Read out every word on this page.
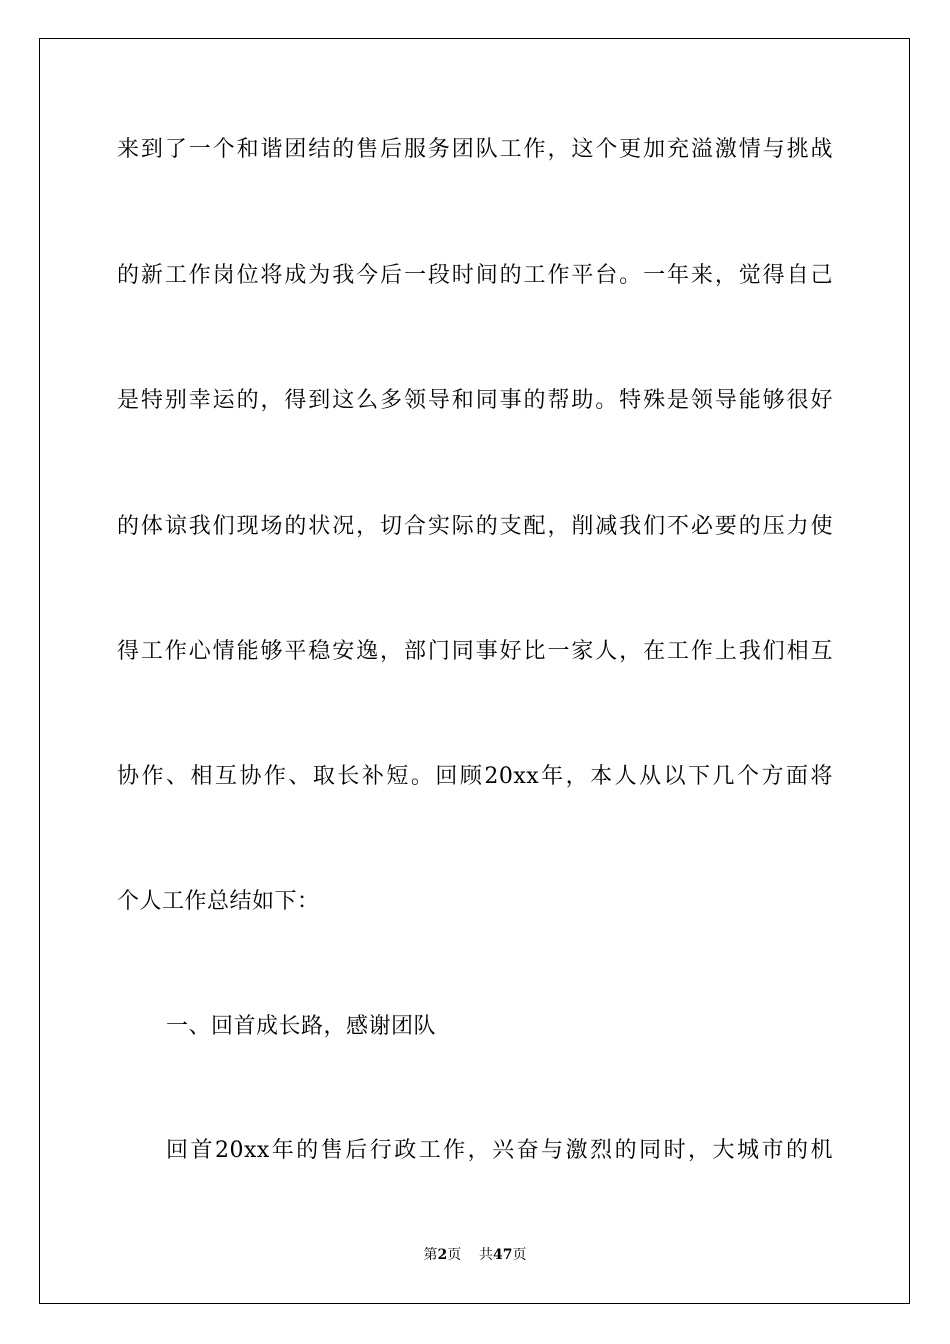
来到了一个和谐团结的售后服务团队工作，这个更加充溢激情与挑战
的新工作岗位将成为我今后一段时间的工作平台。一年来，觉得自己
是特别幸运的，得到这么多领导和同事的帮助。特殊是领导能够很好
的体谅我们现场的状况，切合实际的支配，削减我们不必要的压力使
得工作心情能够平稳安逸，部门同事好比一家人，在工作上我们相互
协作、相互协作、取长补短。回顾20xx年，本人从以下几个方面将
个人工作总结如下：
一、回首成长路，感谢团队
回首20xx年的售后行政工作，兴奋与激烈的同时，大城市的机
第2页 共47页
